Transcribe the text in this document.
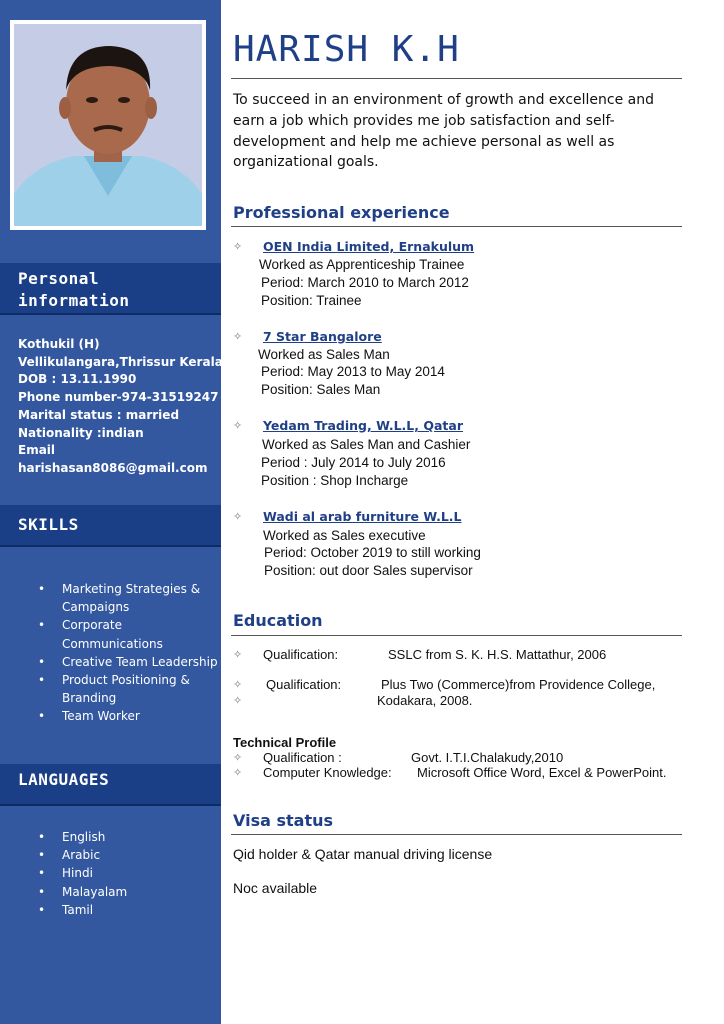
Personal
information
Kothukil (H)
Vellikulangara,Thrissur Kerala
DOB : 13.11.1990
Phone number-974-31519247
Marital status : married
Nationality :indian
Email
harishasan8086@gmail.com
SKILLS
• Marketing Strategies & Campaigns
• Corporate Communications
• Creative Team Leadership
• Product Positioning & Branding
• Team Worker
LANGUAGES
• English
• Arabic
• Hindi
• Malayalam
• Tamil
HARISH K.H
To succeed in an environment of growth and excellence and earn a job which provides me job satisfaction and self-development and help me achieve personal as well as organizational goals.
Professional experience
✧ OEN India Limited, Ernakulum
Worked as Apprenticeship Trainee
Period: March 2010 to March 2012
Position: Trainee
✧ 7 Star Bangalore
Worked as Sales Man
Period: May 2013 to May 2014
Position: Sales Man
✧ Yedam Trading, W.L.L, Qatar
Worked as Sales Man and Cashier
Period : July 2014 to July 2016
Position : Shop Incharge
✧ Wadi al arab furniture W.L.L
Worked as Sales executive
Period: October 2019 to still working
Position: out door Sales supervisor
Education
✧ Qualification:	SSLC from S. K. H.S. Mattathur, 2006
✧ Qualification:	Plus Two (Commerce)from Providence College,
✧	Kodakara, 2008.
Technical Profile
✧ Qualification :	Govt. I.T.I.Chalakudy,2010
✧ Computer Knowledge: Microsoft Office Word, Excel & PowerPoint.
Visa status
Qid holder & Qatar manual driving license
Noc available
